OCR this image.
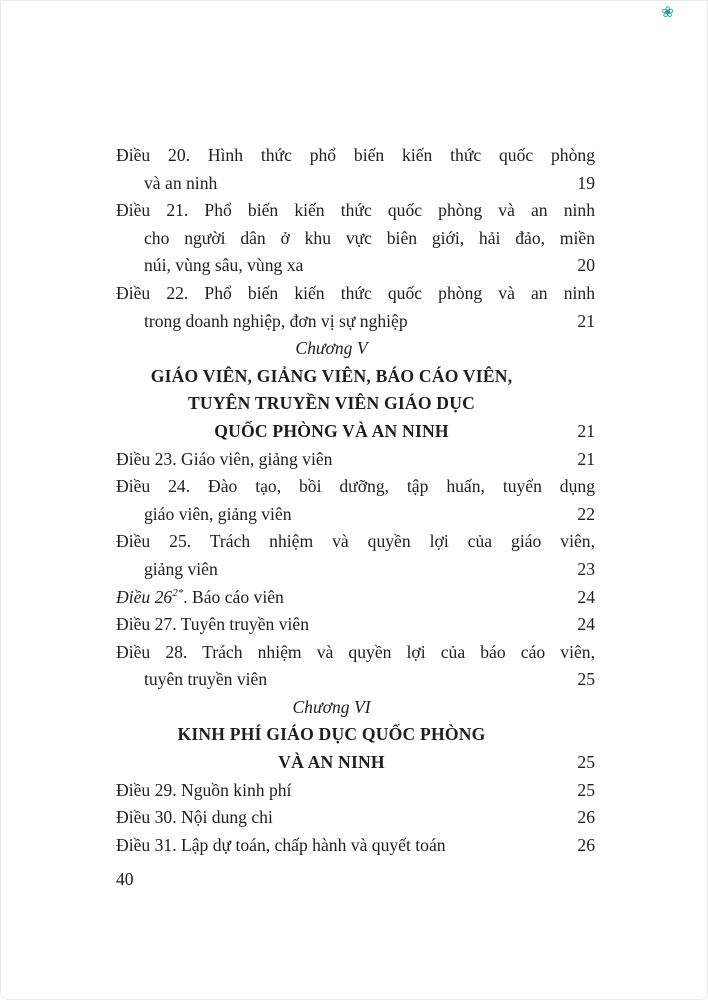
❀
Điều 20. Hình thức phổ biến kiến thức quốc phòng
và an ninh	19
Điều 21. Phổ biến kiến thức quốc phòng và an ninh
cho người dân ở khu vực biên giới, hải đảo, miền
núi, vùng sâu, vùng xa	20
Điều 22. Phổ biến kiến thức quốc phòng và an ninh
trong doanh nghiệp, đơn vị sự nghiệp	21
Chương V
GIÁO VIÊN, GIẢNG VIÊN, BÁO CÁO VIÊN,
TUYÊN TRUYỀN VIÊN GIÁO DỤC
QUỐC PHÒNG VÀ AN NINH	21
Điều 23. Giáo viên, giảng viên	21
Điều 24. Đào tạo, bồi dưỡng, tập huấn, tuyển dụng
giáo viên, giảng viên	22
Điều 25. Trách nhiệm và quyền lợi của giáo viên,
giảng viên	23
Điều $26^{2*}$. Báo cáo viên	24
Điều 27. Tuyên truyền viên	24
Điều 28. Trách nhiệm và quyền lợi của báo cáo viên,
tuyên truyền viên	25
Chương VI
KINH PHÍ GIÁO DỤC QUỐC PHÒNG
VÀ AN NINH	25
Điều 29. Nguồn kinh phí	25
Điều 30. Nội dung chi	26
Điều 31. Lập dự toán, chấp hành và quyết toán	26
40
